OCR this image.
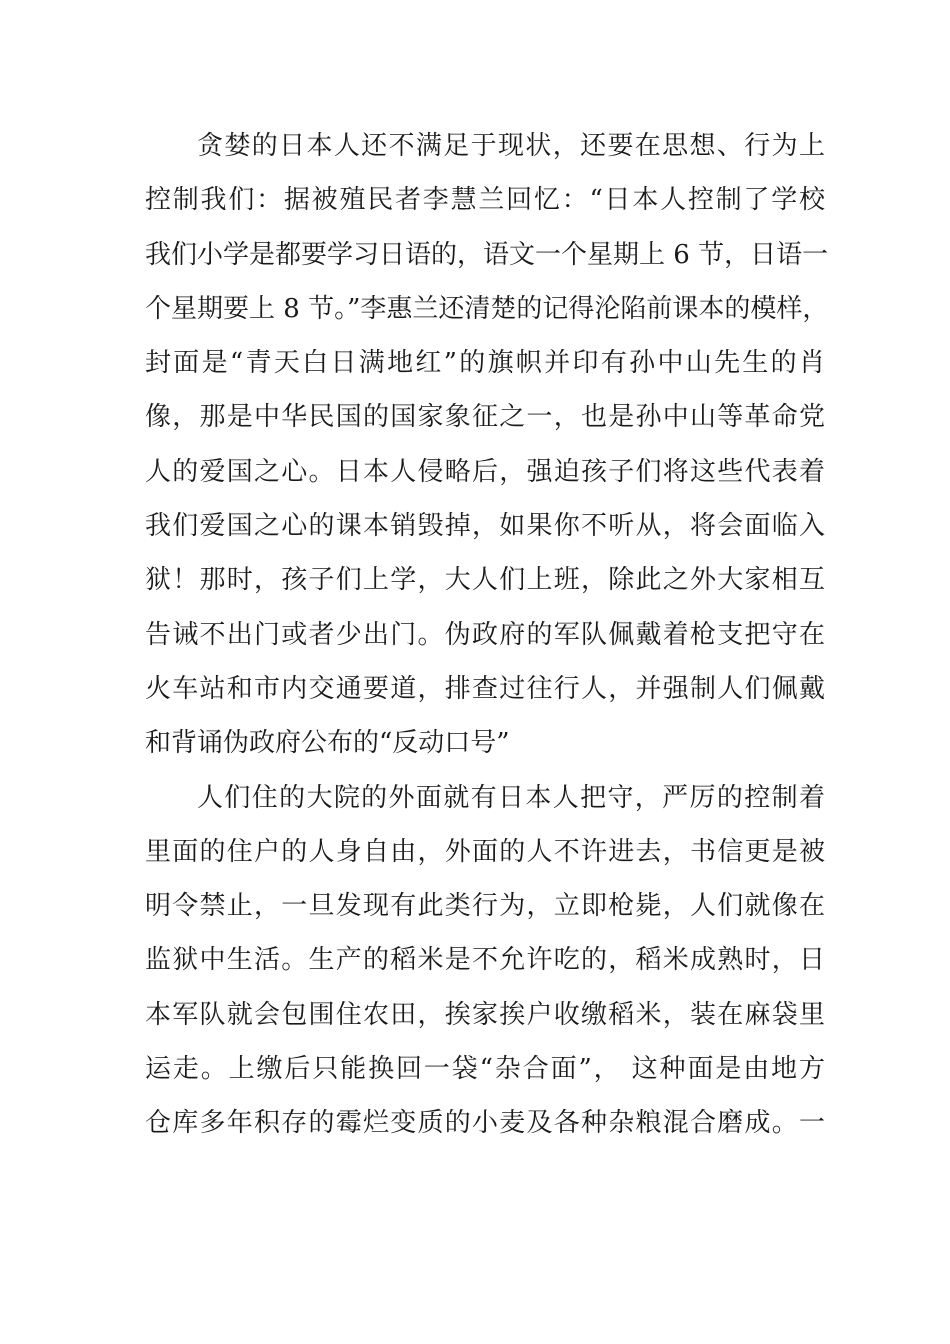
贪婪的日本人还不满足于现状，还要在思想、行为上
控制我们：据被殖民者李慧兰回忆：“日本人控制了学校
我们小学是都要学习日语的，语文一个星期上 6 节，日语一
个星期要上 8 节。”李惠兰还清楚的记得沦陷前课本的模样，
封面是“青天白日满地红”的旗帜并印有孙中山先生的肖
像，那是中华民国的国家象征之一，也是孙中山等革命党
人的爱国之心。日本人侵略后，强迫孩子们将这些代表着
我们爱国之心的课本销毁掉，如果你不听从，将会面临入
狱！那时，孩子们上学，大人们上班，除此之外大家相互
告诫不出门或者少出门。伪政府的军队佩戴着枪支把守在
火车站和市内交通要道，排查过往行人，并强制人们佩戴
和背诵伪政府公布的“反动口号”
人们住的大院的外面就有日本人把守，严厉的控制着
里面的住户的人身自由，外面的人不许进去，书信更是被
明令禁止，一旦发现有此类行为，立即枪毙，人们就像在
监狱中生活。生产的稻米是不允许吃的，稻米成熟时，日
本军队就会包围住农田，挨家挨户收缴稻米，装在麻袋里
运走。上缴后只能换回一袋“杂合面”， 这种面是由地方
仓库多年积存的霉烂变质的小麦及各种杂粮混合磨成。一
